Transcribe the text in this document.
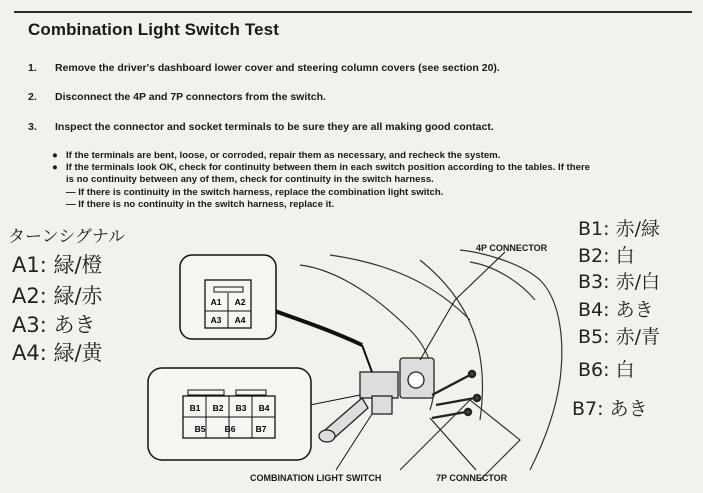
Combination Light Switch Test
1. Remove the driver's dashboard lower cover and steering column covers (see section 20).
2. Disconnect the 4P and 7P connectors from the switch.
3. Inspect the connector and socket terminals to be sure they are all making good contact.
● If the terminals are bent, loose, or corroded, repair them as necessary, and recheck the system.
● If the terminals look OK, check for continuity between them in each switch position according to the tables. If there
is no continuity between any of them, check for continuity in the switch harness.
— If there is continuity in the switch harness, replace the combination light switch.
— If there is no continuity in the switch harness, replace it.
ターンシグナル
A1: 緑/橙
A2: 緑/赤
A3: あき
A4: 緑/黄
B1: 赤/緑
B2: 白
B3: 赤/白
B4: あき
B5: 赤/青
B6: 白
B7: あき
A1 A2
A3 A4
B1 B2 B3 B4
B5 B6 B7
4P CONNECTOR
COMBINATION LIGHT SWITCH	7P CONNECTOR
